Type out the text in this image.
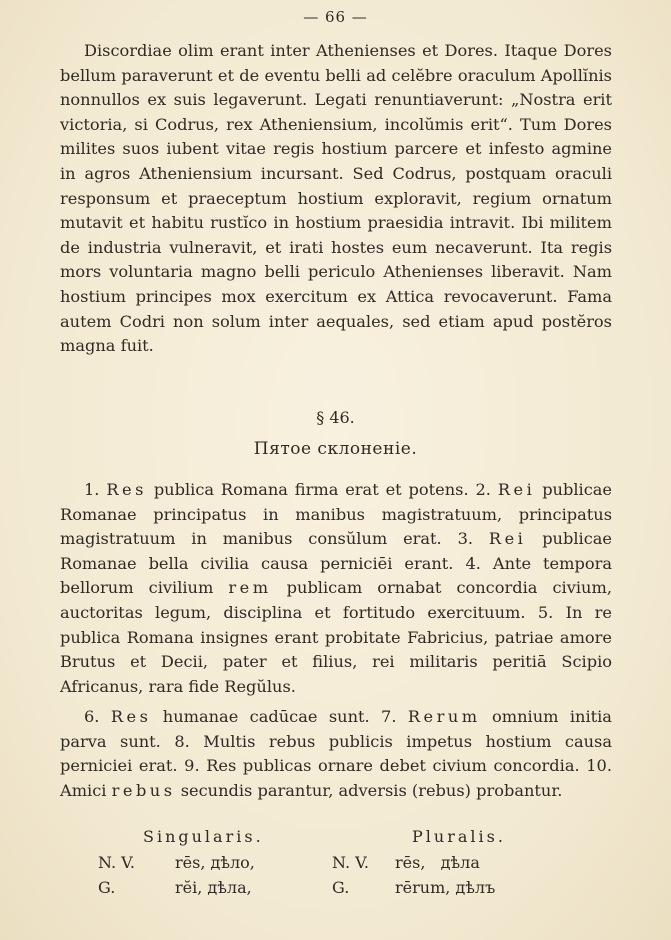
— 66 —
Discordiae olim erant inter Athenienses et Dores. Itaque Dores bellum paraverunt et de eventu belli ad celĕbre oraculum Apollĭnis nonnullos ex suis legaverunt. Legati renuntiaverunt: „Nostra erit victoria, si Codrus, rex Atheniensium, incolŭmis erit“. Tum Dores milites suos iubent vitae regis hostium parcere et infesto agmine in agros Atheniensium incursant. Sed Codrus, postquam oraculi responsum et praeceptum hostium exploravit, regium ornatum mutavit et habitu rustĭco in hostium praesidia intravit. Ibi militem de industria vulneravit, et irati hostes eum necaverunt. Ita regis mors voluntaria magno belli periculo Athenienses liberavit. Nam hostium principes mox exercitum ex Attica revocaverunt. Fama autem Codri non solum inter aequales, sed etiam apud postĕros magna fuit.
§ 46.
Пятое склоненіе.
1. Res publica Romana firma erat et potens. 2. Rei publicae Romanae principatus in manibus magistratuum, principatus magistratuum in manibus consŭlum erat. 3. Rei publicae Romanae bella civilia causa perniciēi erant. 4. Ante tempora bellorum civilium rem publicam ornabat concordia civium, auctoritas legum, disciplina et fortitudo exercituum. 5. In re publica Romana insignes erant probitate Fabricius, patriae amore Brutus et Decii, pater et filius, rei militaris peritiā Scipio Africanus, rara fide Regŭlus.
6. Res humanae cadūcae sunt. 7. Rerum omnium initia parva sunt. 8. Multis rebus publicis impetus hostium causa perniciei erat. 9. Res publicas ornare debet civium concordia. 10. Amici rebus secundis parantur, adversis (rebus) probantur.
Singularis.	Pluralis.
N. V.	rēs, дѣло,	N. V. rēs,   дѣла
G.	rĕi, дѣла,	G.	rērum, дѣлъ
